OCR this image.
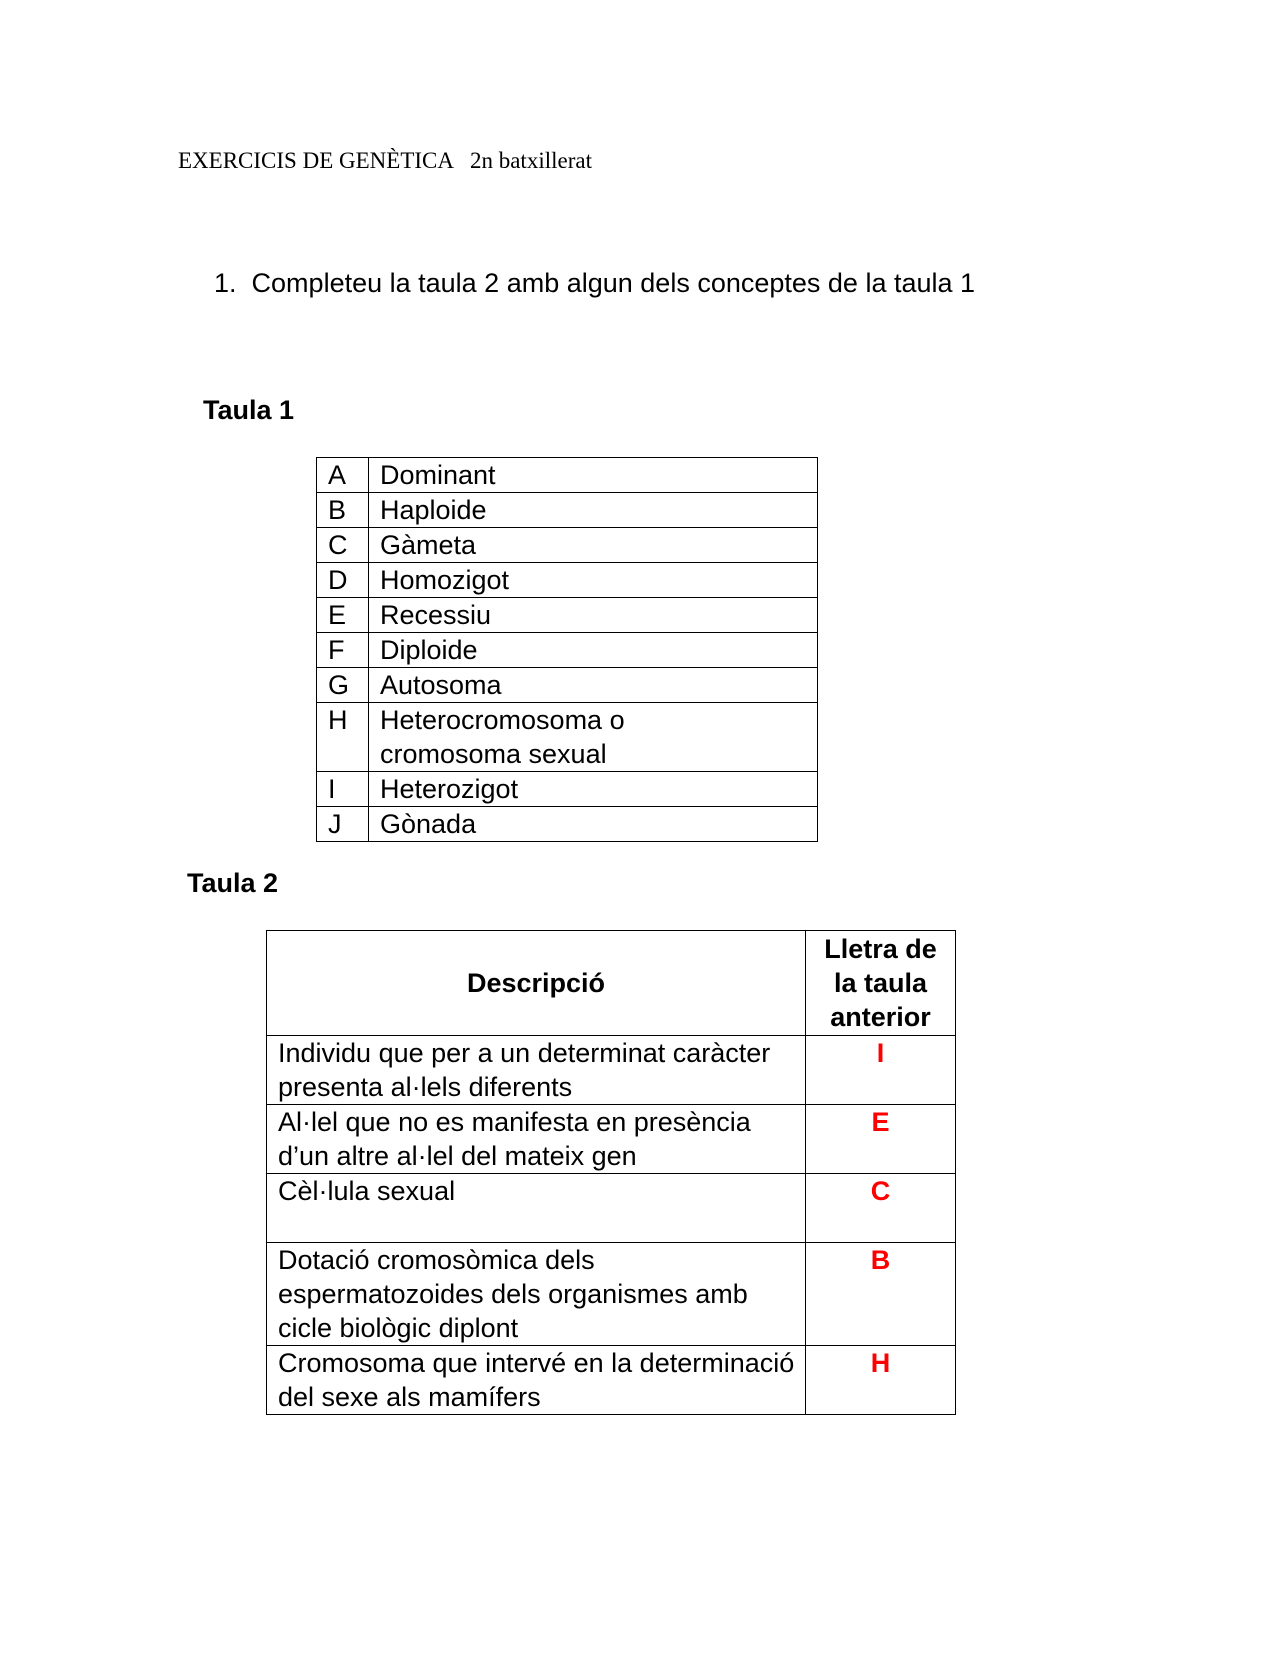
EXERCICIS DE GENÈTICA 2n batxillerat
1. Completeu la taula 2 amb algun dels conceptes de la taula 1
Taula 1
A	Dominant
B	Haploide
C	Gàmeta
D	Homozigot
E	Recessiu
F	Diploide
G	Autosoma
H	Heterocromosoma o cromosoma sexual
I	Heterozigot
J	Gònada
Taula 2
Descripció	Lletra de la taula anterior
Individu que per a un determinat caràcter presenta al·lels diferents	I
Al·lel que no es manifesta en presència d’un altre al·lel del mateix gen	E
Cèl·lula sexual	C
Dotació cromosòmica dels espermatozoides dels organismes amb cicle biològic diplont	B
Cromosoma que intervé en la determinació del sexe als mamífers	H
